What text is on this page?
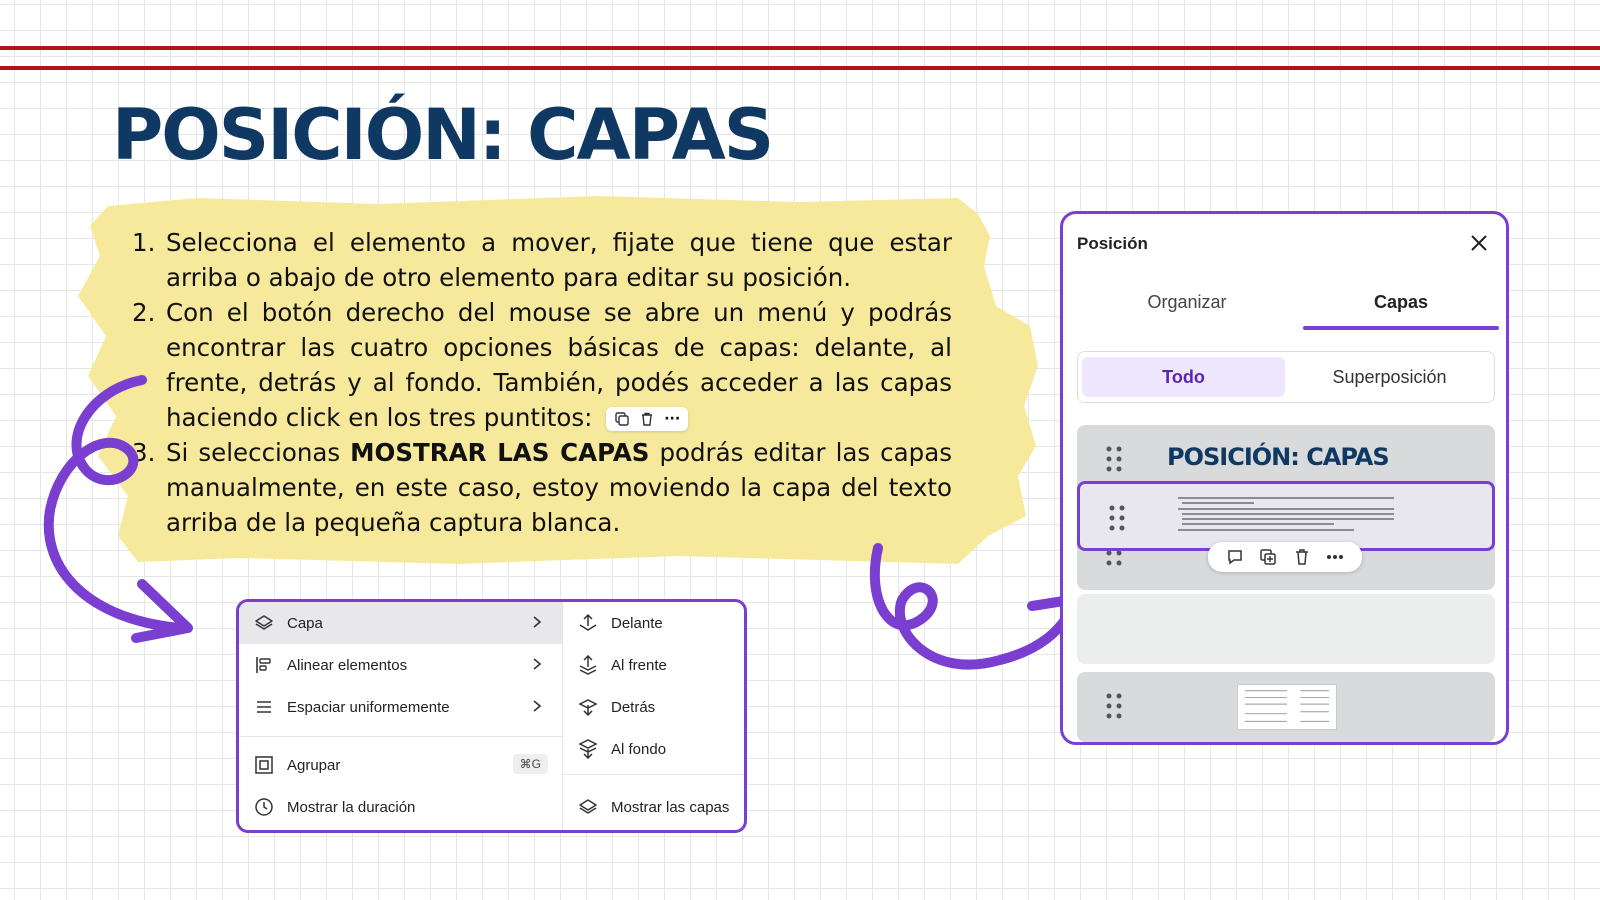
POSICIÓN: CAPAS
1. Selecciona el elemento a mover, fijate que tiene que estar arriba o abajo de otro elemento para editar su posición.
2. Con el botón derecho del mouse se abre un menú y podrás encontrar las cuatro opciones básicas de capas: delante, al frente, detrás y al fondo. También, podés acceder a las capas haciendo click en los tres puntitos:	···
3. Si seleccionas MOSTRAR LAS CAPAS podrás editar las capas manualmente, en este caso, estoy moviendo la capa del texto arriba de la pequeña captura blanca.
Capa
Alinear elementos
Espaciar uniformemente
Agrupar	⌘G
Mostrar la duración
Delante
Al frente
Detrás
Al fondo
Mostrar las capas
Posición
Organizar	Capas
Todo	Superposición
POSICIÓN: CAPAS
